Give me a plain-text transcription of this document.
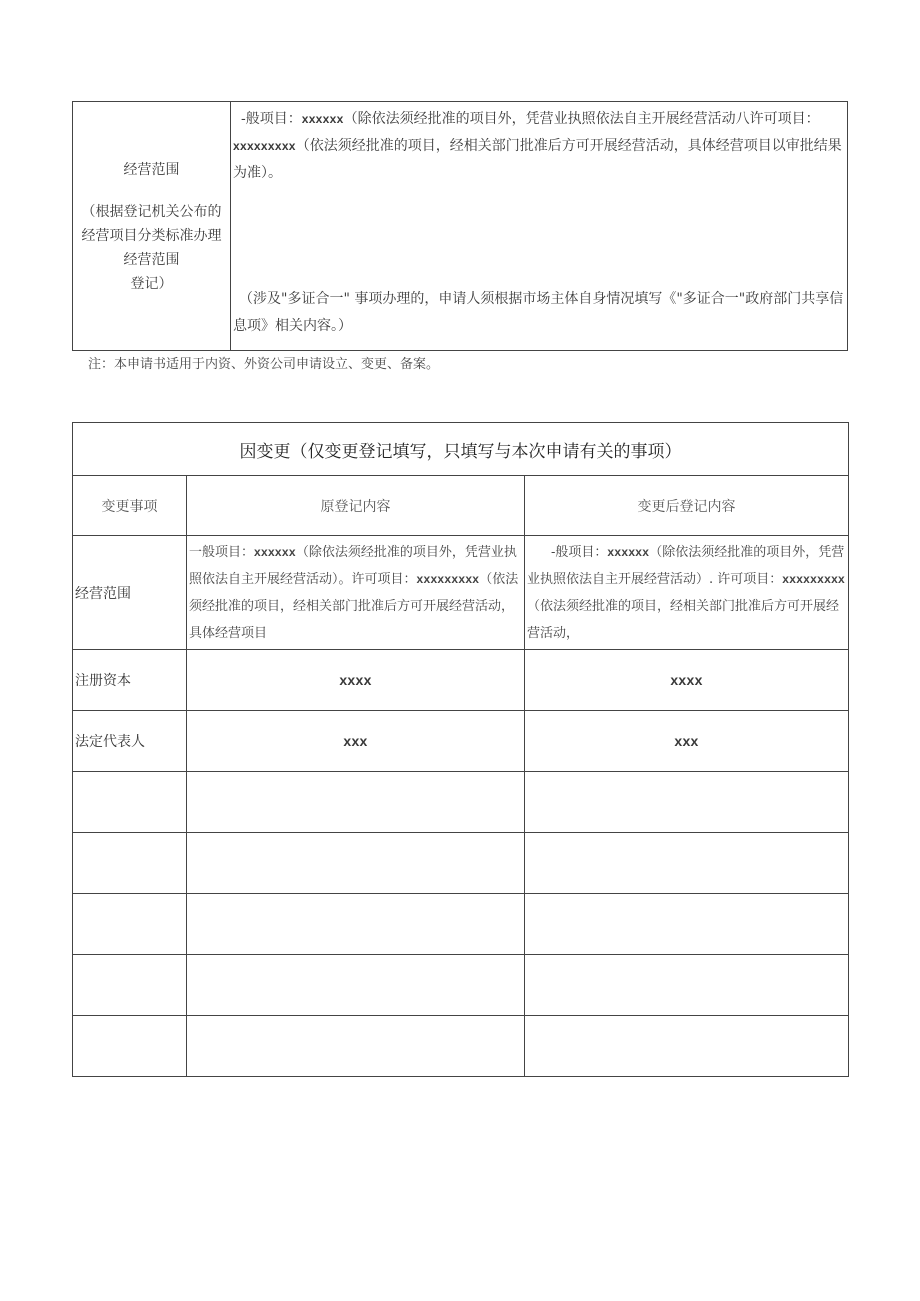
经营范围
（根据登记机关公布的
经营项目分类标准办理
经营范围
登记）

-般项目：xxxxxx（除依法须经批准的项目外，凭营业执照依法自主开展经营活动八许可项目：xxxxxxxxx（依法须经批准的项目，经相关部门批准后方可开展经营活动，具体经营项目以审批结果为准）。

（涉及"多证合一" 事项办理的，申请人须根据市场主体自身情况填写《"多证合一"政府部门共享信息项》相关内容。）

注：本申请书适用于内资、外资公司申请设立、变更、备案。
因变更（仅变更登记填写，只填写与本次申请有关的事项）		
变更事项	原登记内容	变更后登记内容
经营范围	一般项目：xxxxxx（除依法须经批准的项目外，凭营业执照依法自主开展经营活动）。许可项目：xxxxxxxxx（依法须经批准的项目，经相关部门批准后方可开展经营活动，具体经营项目	-般项目：xxxxxx（除依法须经批准的项目外，凭营业执照依法自主开展经营活动）. 许可项目：xxxxxxxxx（依法须经批准的项目，经相关部门批准后方可开展经营活动，

注册资本	xxxx	xxxx
法定代表人	xxx	xxx
